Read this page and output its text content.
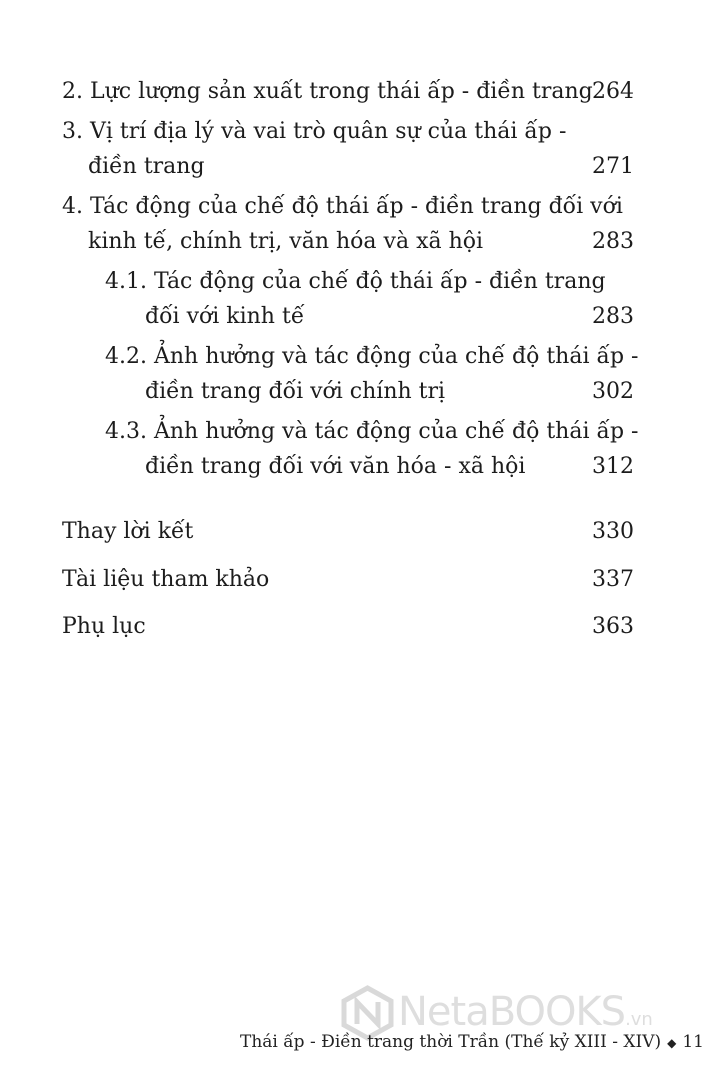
2. Lực lượng sản xuất trong thái ấp - điền trang 264
3. Vị trí địa lý và vai trò quân sự của thái ấp -
điền trang	271
4. Tác động của chế độ thái ấp - điền trang đối với
kinh tế, chính trị, văn hóa và xã hội	283
4.1. Tác động của chế độ thái ấp - điền trang
đối với kinh tế	283
4.2. Ảnh hưởng và tác động của chế độ thái ấp -
điền trang đối với chính trị	302
4.3. Ảnh hưởng và tác động của chế độ thái ấp -
điền trang đối với văn hóa - xã hội	312
Thay lời kết	330
Tài liệu tham khảo	337
Phụ lục	363
NetaBOOKS.vn
Thái ấp - Điền trang thời Trần (Thế kỷ XIII - XIV) ◆ 11
